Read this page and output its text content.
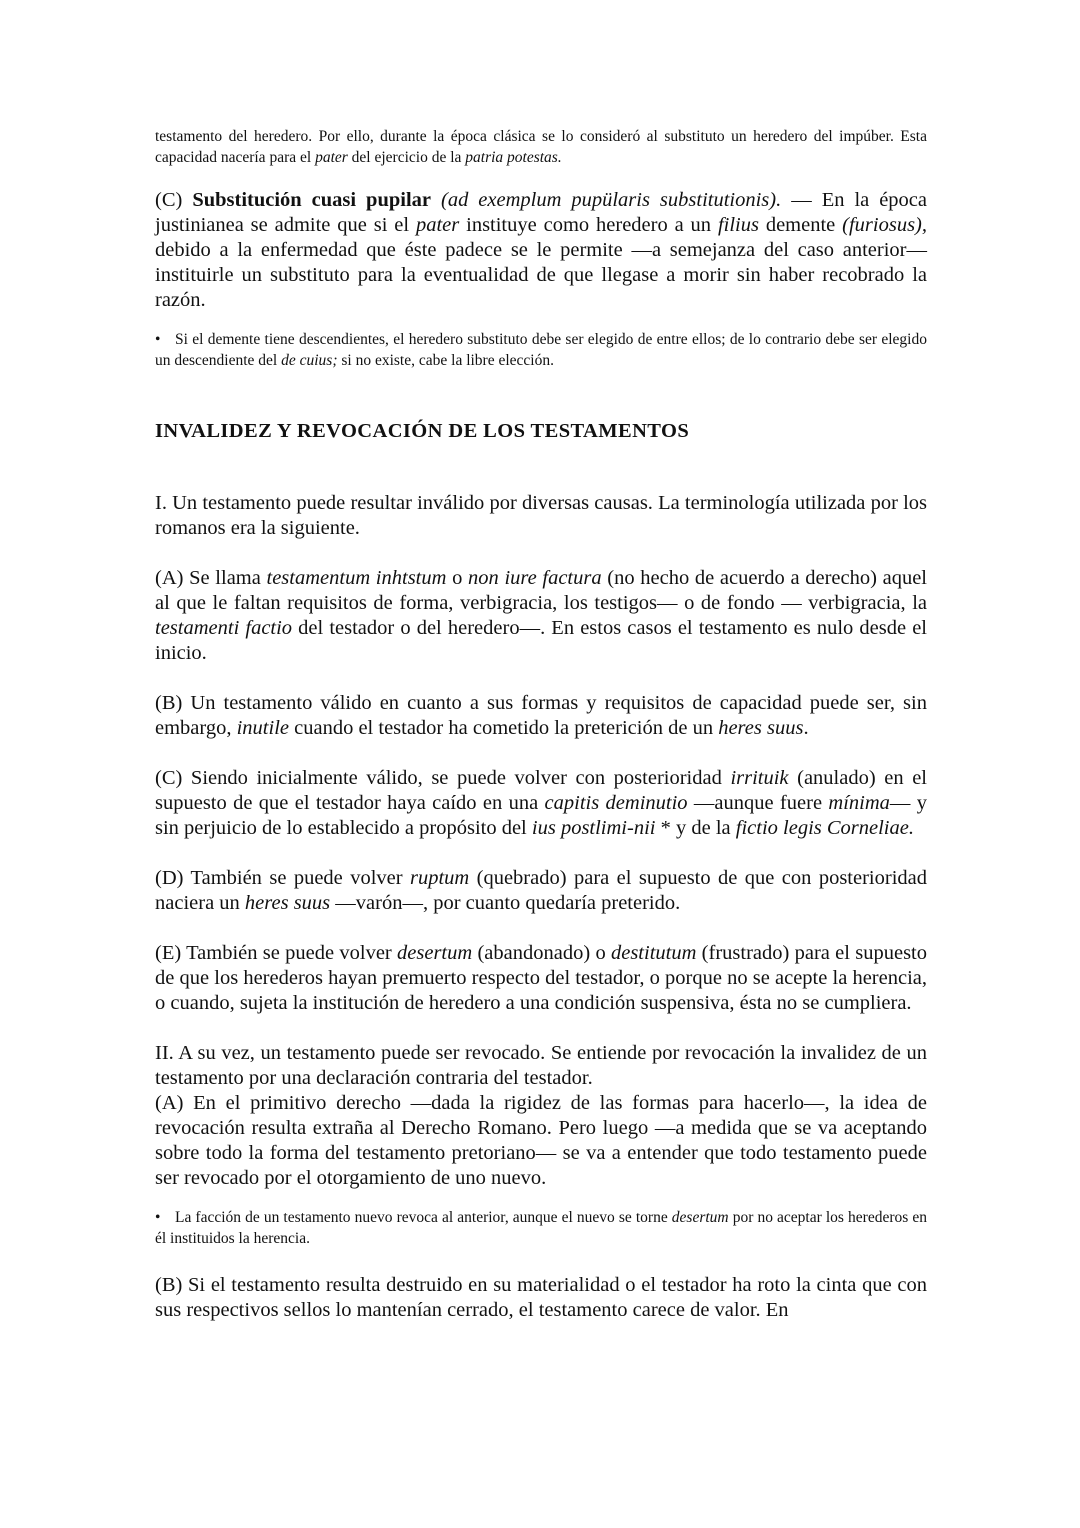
testamento del heredero. Por ello, durante la época clásica se lo consideró al substituto un heredero del impúber. Esta capacidad nacería para el pater del ejercicio de la patria potestas.

(C) Substitución cuasi pupilar (ad exemplum pupülaris substitutionis). — En la época justinianea se admite que si el pater instituye como heredero a un filius demente (furiosus), debido a la enfermedad que éste padece se le permite —a semejanza del caso anterior— instituirle un substituto para la eventualidad de que llegase a morir sin haber recobrado la razón.

• Si el demente tiene descendientes, el heredero substituto debe ser elegido de entre ellos; de lo contrario debe ser elegido un descendiente del de cuius; si no existe, cabe la libre elección.

INVALIDEZ Y REVOCACIÓN DE LOS TESTAMENTOS

I. Un testamento puede resultar inválido por diversas causas. La terminología utilizada por los romanos era la siguiente.

(A) Se llama testamentum inhtstum o non iure factura (no hecho de acuerdo a derecho) aquel al que le faltan requisitos de forma, verbigracia, los testigos— o de fondo — verbigracia, la testamenti factio del testador o del heredero—. En estos casos el testamento es nulo desde el inicio.

(B) Un testamento válido en cuanto a sus formas y requisitos de capacidad puede ser, sin embargo, inutile cuando el testador ha cometido la preterición de un heres suus.

(C) Siendo inicialmente válido, se puede volver con posterioridad irrituik (anulado) en el supuesto de que el testador haya caído en una capitis deminutio —aunque fuere mínima— y sin perjuicio de lo establecido a propósito del ius postlimi-nii * y de la fictio legis Corneliae.

(D) También se puede volver ruptum (quebrado) para el supuesto de que con posterioridad naciera un heres suus —varón—, por cuanto quedaría preterido.

(E) También se puede volver desertum (abandonado) o destitutum (frustrado) para el supuesto de que los herederos hayan premuerto respecto del testador, o porque no se acepte la herencia, o cuando, sujeta la institución de heredero a una condición suspensiva, ésta no se cumpliera.

II. A su vez, un testamento puede ser revocado. Se entiende por revocación la invalidez de un testamento por una declaración contraria del testador.

(A) En el primitivo derecho —dada la rigidez de las formas para hacerlo—, la idea de revocación resulta extraña al Derecho Romano. Pero luego —a medida que se va aceptando sobre todo la forma del testamento pretoriano— se va a entender que todo testamento puede ser revocado por el otorgamiento de uno nuevo.

• La facción de un testamento nuevo revoca al anterior, aunque el nuevo se torne desertum por no aceptar los herederos en él instituidos la herencia.

(B) Si el testamento resulta destruido en su materialidad o el testador ha roto la cinta que con sus respectivos sellos lo mantenían cerrado, el testamento carece de valor. En
